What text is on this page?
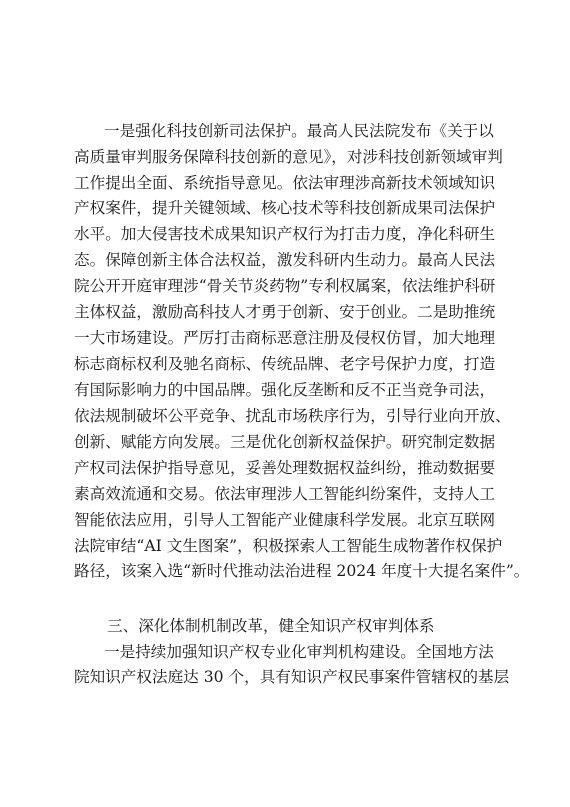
一是强化科技创新司法保护。最高人民法院发布《关于以
高质量审判服务保障科技创新的意见》，对涉科技创新领域审判
工作提出全面、系统指导意见。依法审理涉高新技术领域知识
产权案件，提升关键领域、核心技术等科技创新成果司法保护
水平。加大侵害技术成果知识产权行为打击力度，净化科研生
态。保障创新主体合法权益，激发科研内生动力。最高人民法
院公开开庭审理涉“骨关节炎药物”专利权属案，依法维护科研
主体权益，激励高科技人才勇于创新、安于创业。二是助推统
一大市场建设。严厉打击商标恶意注册及侵权仿冒，加大地理
标志商标权利及驰名商标、传统品牌、老字号保护力度，打造
有国际影响力的中国品牌。强化反垄断和反不正当竞争司法，
依法规制破坏公平竞争、扰乱市场秩序行为，引导行业向开放、
创新、赋能方向发展。三是优化创新权益保护。研究制定数据
产权司法保护指导意见，妥善处理数据权益纠纷，推动数据要
素高效流通和交易。依法审理涉人工智能纠纷案件，支持人工
智能依法应用，引导人工智能产业健康科学发展。北京互联网
法院审结“AI 文生图案”，积极探索人工智能生成物著作权保护
路径，该案入选“新时代推动法治进程 2024 年度十大提名案件”。
三、深化体制机制改革，健全知识产权审判体系
一是持续加强知识产权专业化审判机构建设。全国地方法
院知识产权法庭达 30 个，具有知识产权民事案件管辖权的基层
